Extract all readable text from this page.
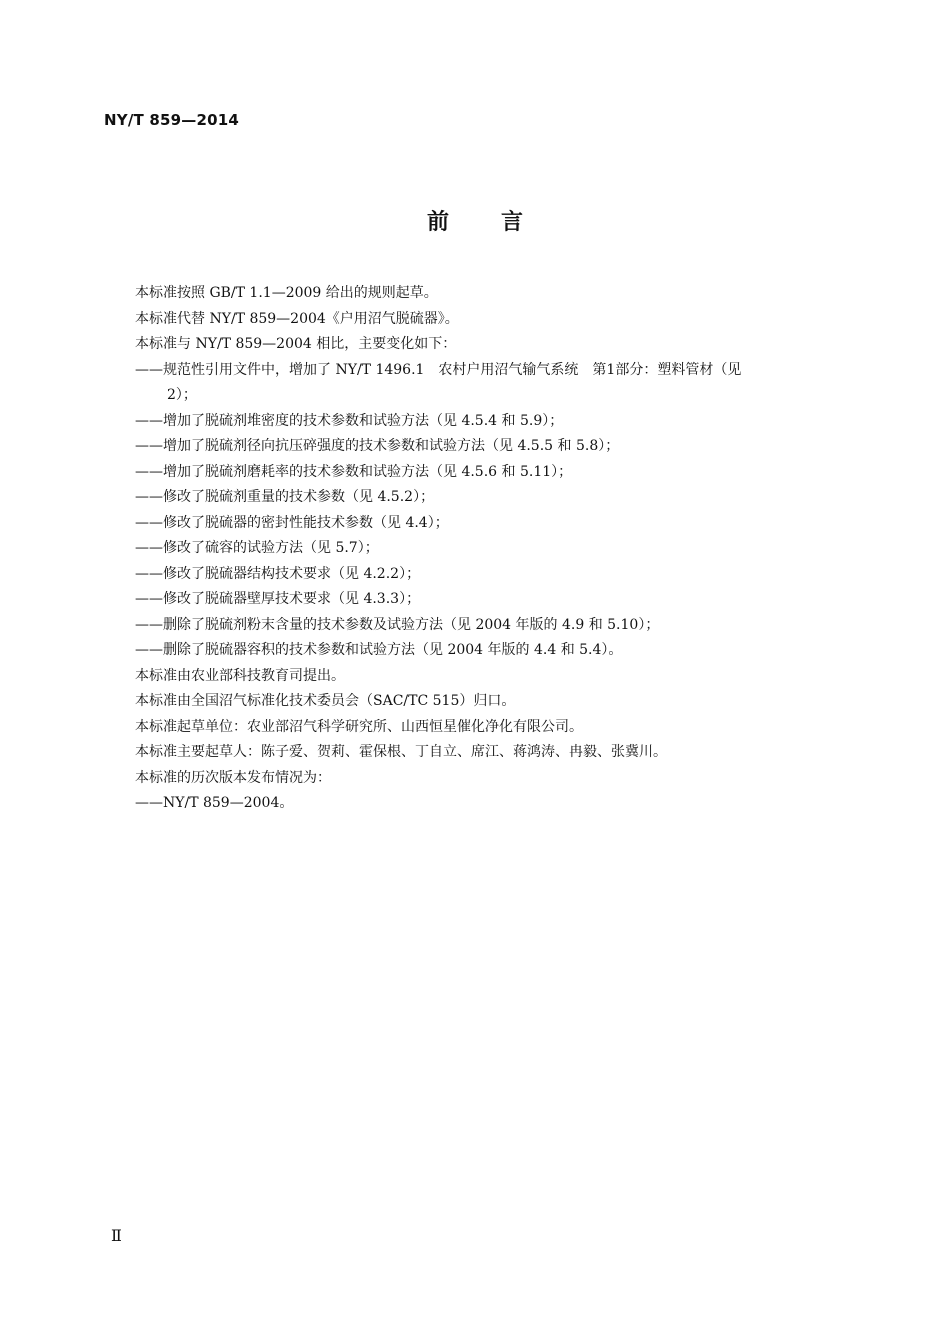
NY/T 859—2014
前言
本标准按照 GB/T 1.1—2009 给出的规则起草。
本标准代替 NY/T 859—2004《户用沼气脱硫器》。
本标准与 NY/T 859—2004 相比，主要变化如下：
——规范性引用文件中，增加了 NY/T 1496.1　农村户用沼气输气系统　第1部分：塑料管材（见
2）；
——增加了脱硫剂堆密度的技术参数和试验方法（见 4.5.4 和 5.9）；
——增加了脱硫剂径向抗压碎强度的技术参数和试验方法（见 4.5.5 和 5.8）；
——增加了脱硫剂磨耗率的技术参数和试验方法（见 4.5.6 和 5.11）；
——修改了脱硫剂重量的技术参数（见 4.5.2）；
——修改了脱硫器的密封性能技术参数（见 4.4）；
——修改了硫容的试验方法（见 5.7）；
——修改了脱硫器结构技术要求（见 4.2.2）；
——修改了脱硫器壁厚技术要求（见 4.3.3）；
——删除了脱硫剂粉末含量的技术参数及试验方法（见 2004 年版的 4.9 和 5.10）；
——删除了脱硫器容积的技术参数和试验方法（见 2004 年版的 4.4 和 5.4）。
本标准由农业部科技教育司提出。
本标准由全国沼气标准化技术委员会（SAC/TC 515）归口。
本标准起草单位：农业部沼气科学研究所、山西恒星催化净化有限公司。
本标准主要起草人：陈子爱、贺莉、霍保根、丁自立、席江、蒋鸿涛、冉毅、张冀川。
本标准的历次版本发布情况为：
——NY/T 859—2004。
Ⅱ
